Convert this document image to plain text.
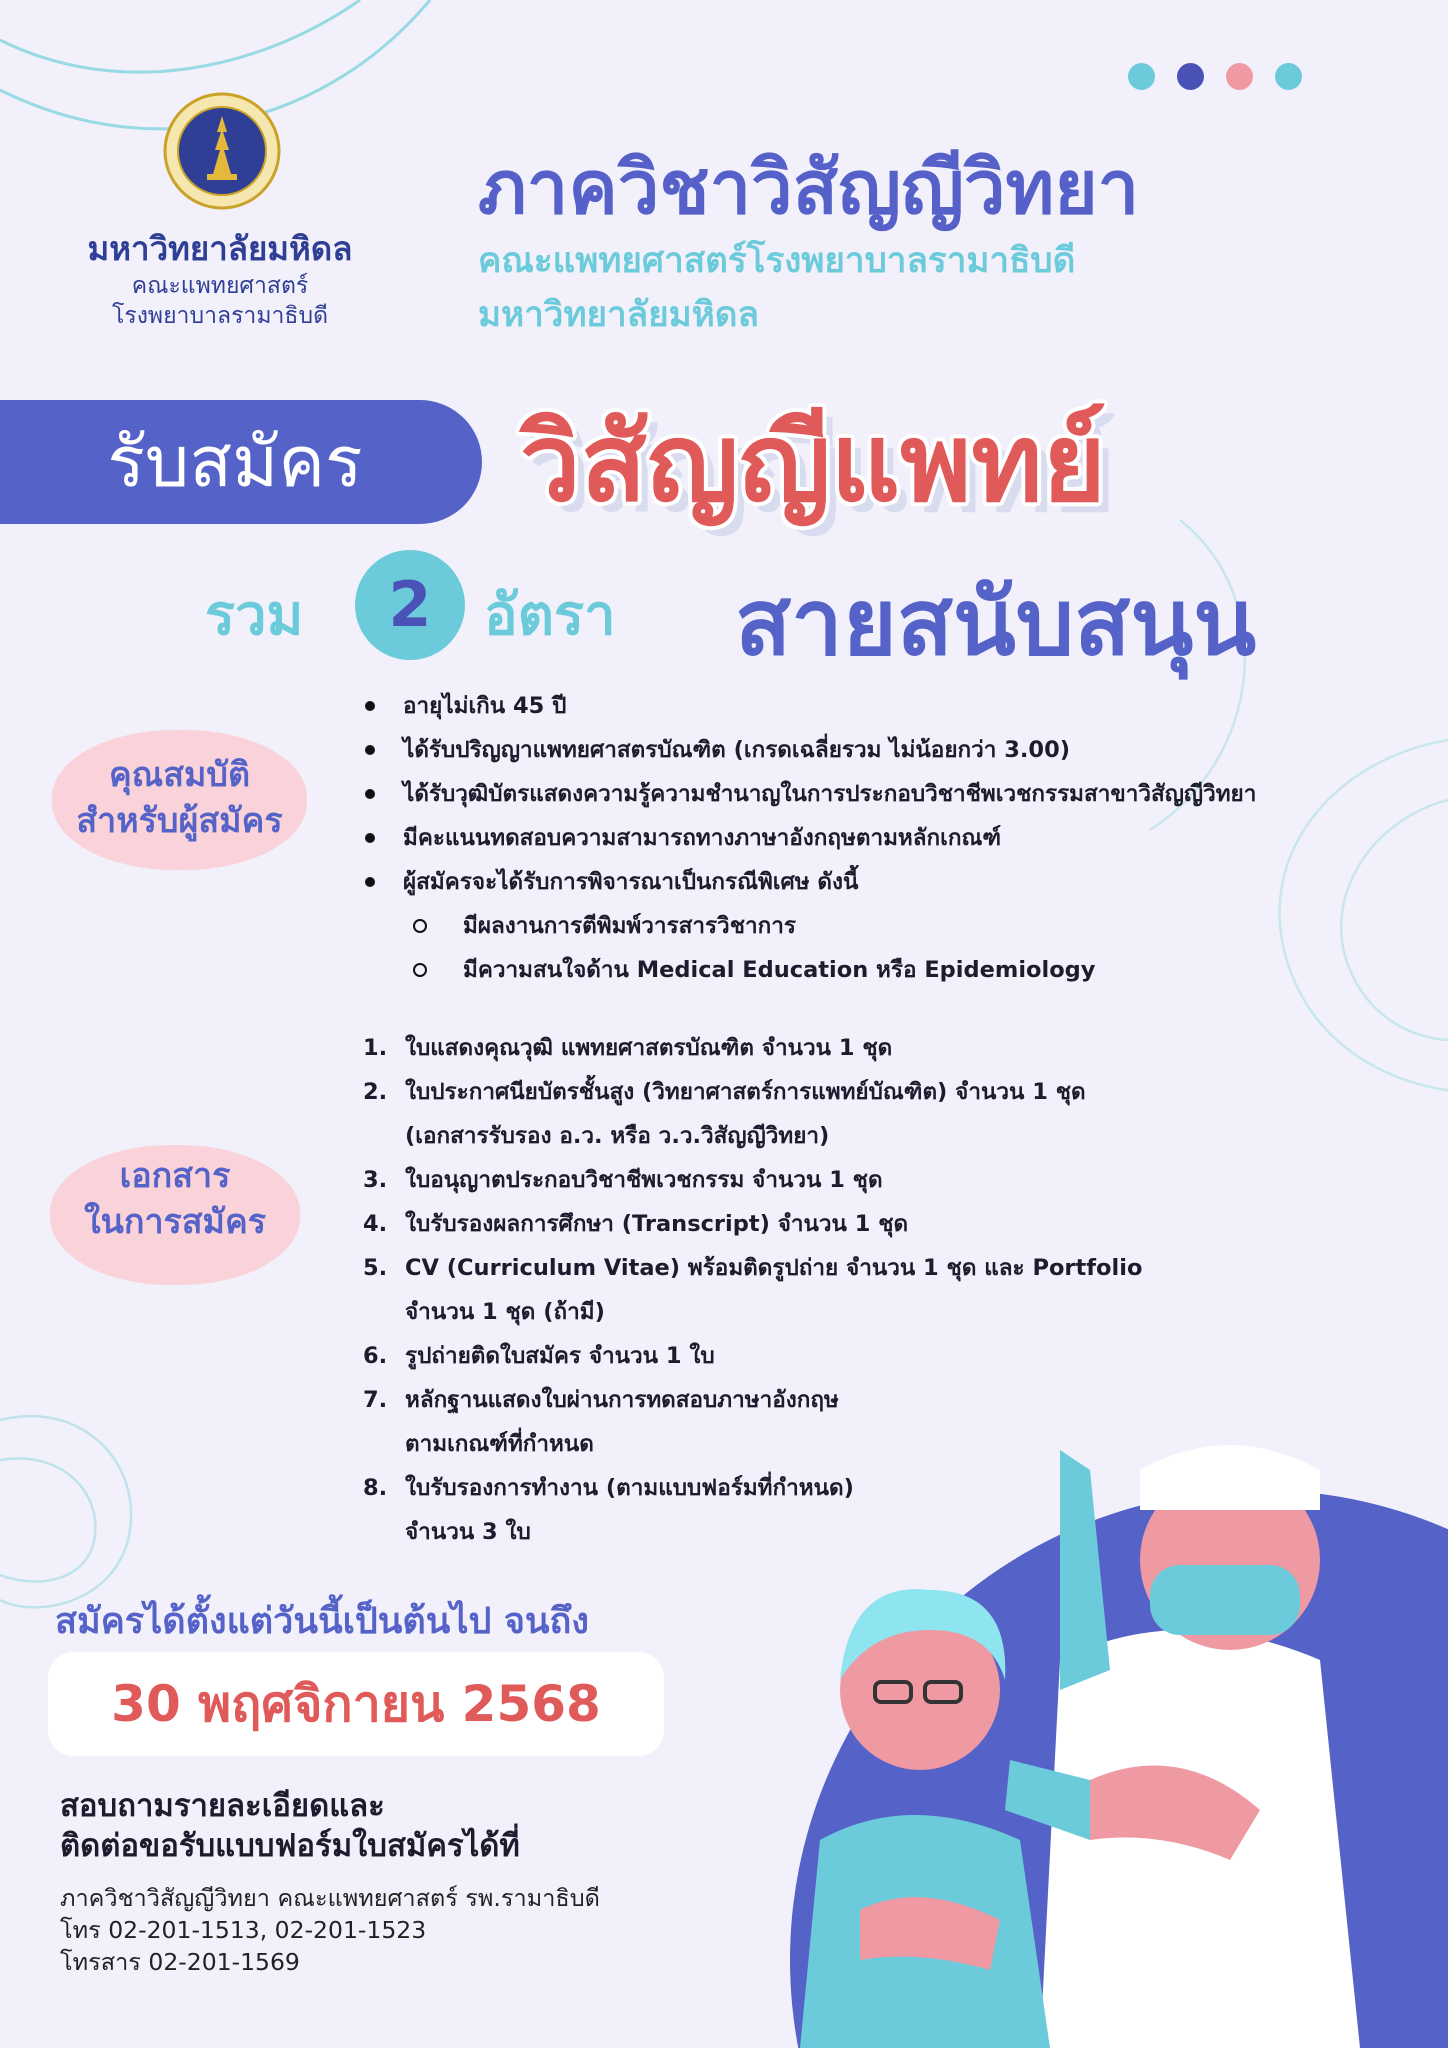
มหาวิทยาลัยมหิดล
คณะแพทยศาสตร์
โรงพยาบาลรามาธิบดี
ภาควิชาวิสัญญีวิทยา
คณะแพทยศาสตร์โรงพยาบาลรามาธิบดี
มหาวิทยาลัยมหิดล
รับสมัคร	วิสัญญีแพทย์
สายสนับสนุน
รวม	2 อัตรา
คุณสมบัติ
สำหรับผู้สมัคร
อายุไม่เกิน 45 ปี
ได้รับปริญญาแพทยศาสตรบัณฑิต (เกรดเฉลี่ยรวม ไม่น้อยกว่า 3.00)
ได้รับวุฒิบัตรแสดงความรู้ความชำนาญในการประกอบวิชาชีพเวชกรรมสาขาวิสัญญีวิทยา
มีคะแนนทดสอบความสามารถทางภาษาอังกฤษตามหลักเกณฑ์
ผู้สมัครจะได้รับการพิจารณาเป็นกรณีพิเศษ ดังนี้
มีผลงานการตีพิมพ์วารสารวิชาการ
มีความสนใจด้าน Medical Education หรือ Epidemiology
เอกสาร
ในการสมัคร
1. ใบแสดงคุณวุฒิ แพทยศาสตรบัณฑิต จำนวน 1 ชุด
2. ใบประกาศนียบัตรชั้นสูง (วิทยาศาสตร์การแพทย์บัณฑิต) จำนวน 1 ชุด
(เอกสารรับรอง อ.ว. หรือ ว.ว.วิสัญญีวิทยา)
3. ใบอนุญาตประกอบวิชาชีพเวชกรรม จำนวน 1 ชุด
4. ใบรับรองผลการศึกษา (Transcript) จำนวน 1 ชุด
5. CV (Curriculum Vitae) พร้อมติดรูปถ่าย จำนวน 1 ชุด และ Portfolio
จำนวน 1 ชุด (ถ้ามี)
6. รูปถ่ายติดใบสมัคร จำนวน 1 ใบ
7. หลักฐานแสดงใบผ่านการทดสอบภาษาอังกฤษ
ตามเกณฑ์ที่กำหนด
8. ใบรับรองการทำงาน (ตามแบบฟอร์มที่กำหนด)
จำนวน 3 ใบ
สมัครได้ตั้งแต่วันนี้เป็นต้นไป จนถึง
30 พฤศจิกายน 2568
สอบถามรายละเอียดและ
ติดต่อขอรับแบบฟอร์มใบสมัครได้ที่
ภาควิชาวิสัญญีวิทยา คณะแพทยศาสตร์ รพ.รามาธิบดี
โทร 02-201-1513, 02-201-1523
โทรสาร 02-201-1569
